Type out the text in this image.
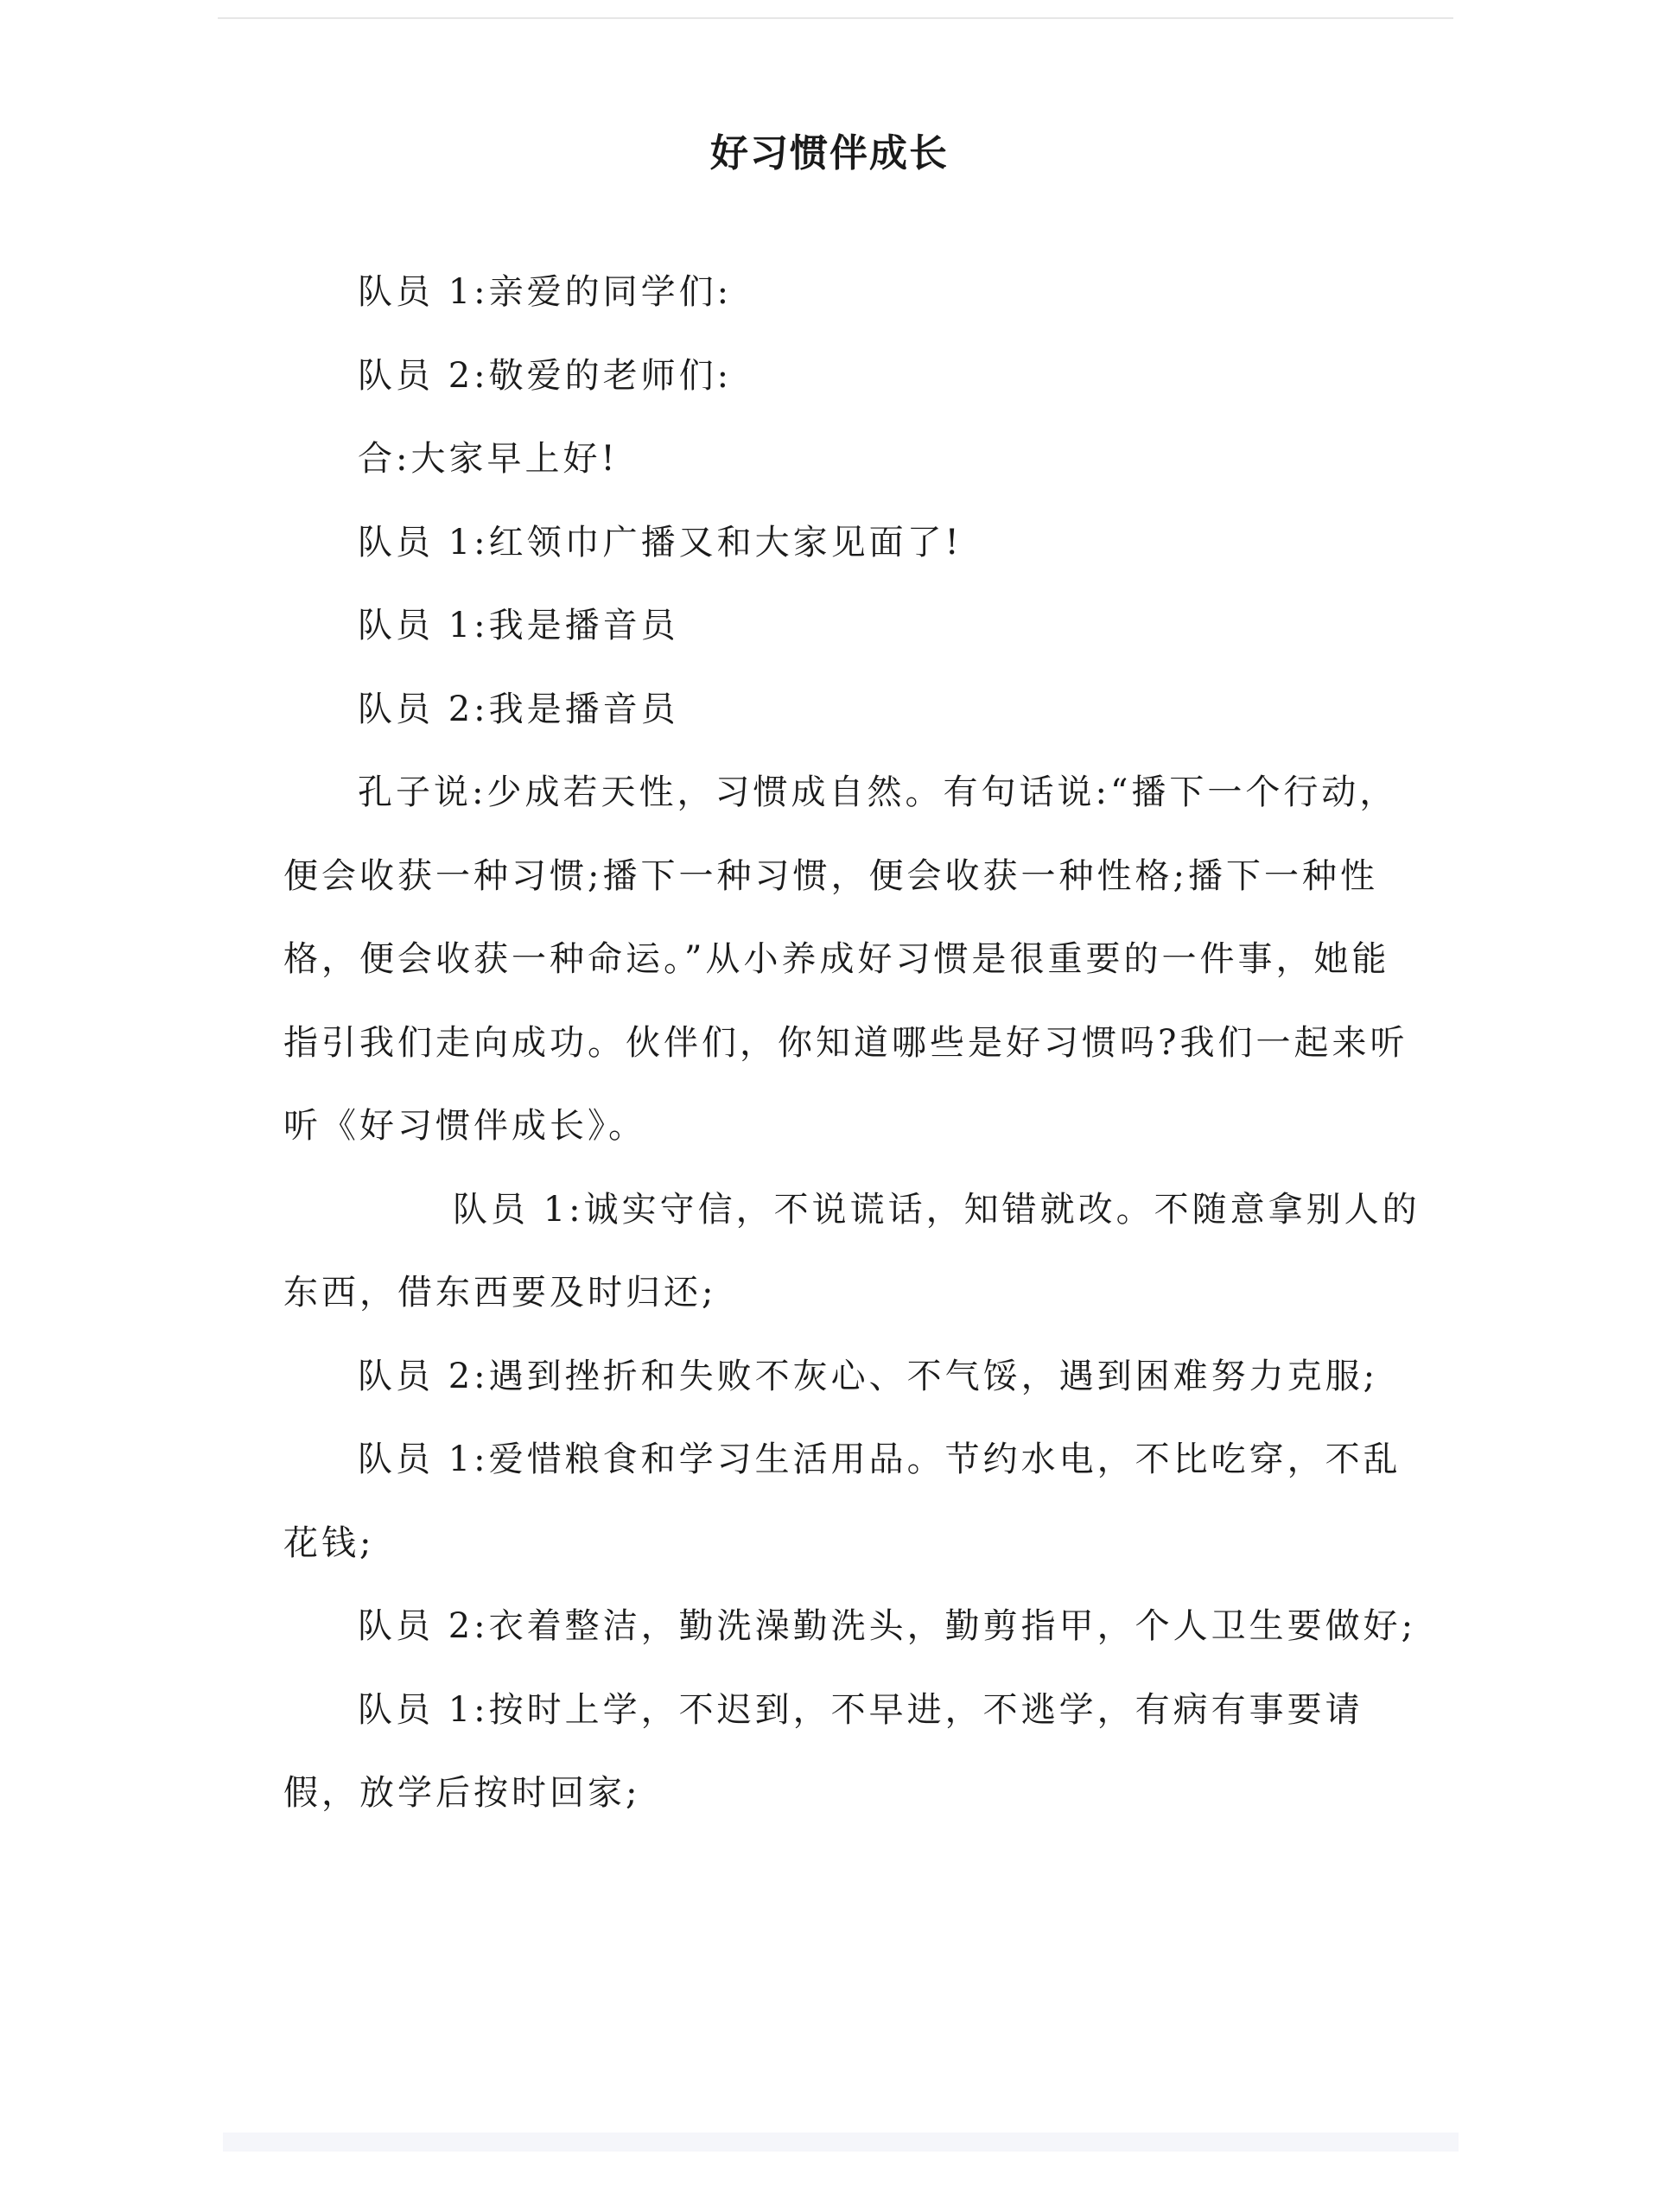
好习惯伴成长

队员 1:亲爱的同学们:

队员 2:敬爱的老师们:

合:大家早上好!

队员 1:红领巾广播又和大家见面了!

队员 1:我是播音员

队员 2:我是播音员

孔子说:少成若天性，习惯成自然。有句话说:“播下一个行动，便会收获一种习惯;播下一种习惯，便会收获一种性格;播下一种性格，便会收获一种命运。”从小养成好习惯是很重要的一件事，她能指引我们走向成功。伙伴们，你知道哪些是好习惯吗?我们一起来听听《好习惯伴成长》。

队员 1:诚实守信，不说谎话，知错就改。不随意拿别人的东西，借东西要及时归还;

队员 2:遇到挫折和失败不灰心、不气馁，遇到困难努力克服;

队员 1:爱惜粮食和学习生活用品。节约水电，不比吃穿，不乱花钱;

队员 2:衣着整洁，勤洗澡勤洗头，勤剪指甲，个人卫生要做好;

队员 1:按时上学，不迟到，不早进，不逃学，有病有事要请假，放学后按时回家;
